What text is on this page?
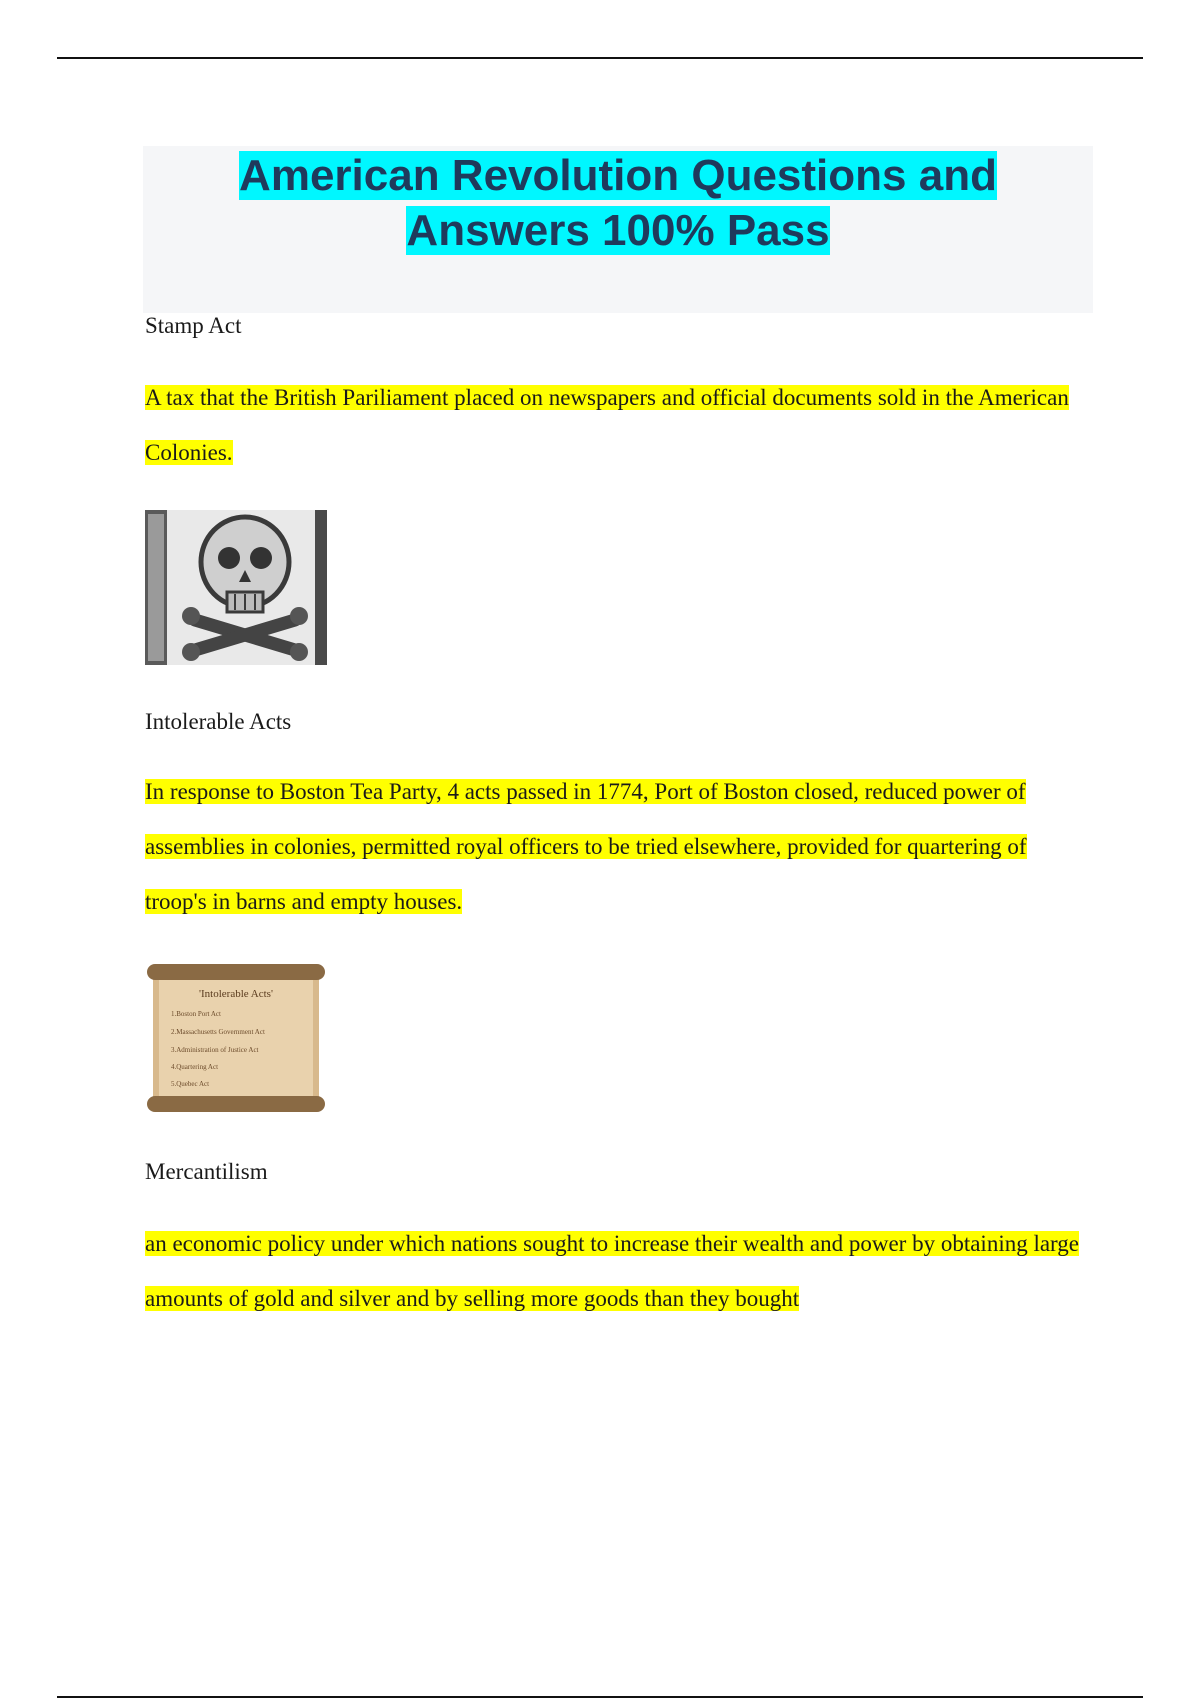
American Revolution Questions and Answers 100% Pass
Stamp Act
A tax that the British Pariliament placed on newspapers and official documents sold in the American Colonies.
Intolerable Acts
In response to Boston Tea Party, 4 acts passed in 1774, Port of Boston closed, reduced power of assemblies in colonies, permitted royal officers to be tried elsewhere, provided for quartering of troop's in barns and empty houses.
'Intolerable Acts'
1.Boston Port Act
2.Massachusetts Government Act
3.Administration of Justice Act
4.Quartering Act
5.Quebec Act
Mercantilism
an economic policy under which nations sought to increase their wealth and power by obtaining large amounts of gold and silver and by selling more goods than they bought
